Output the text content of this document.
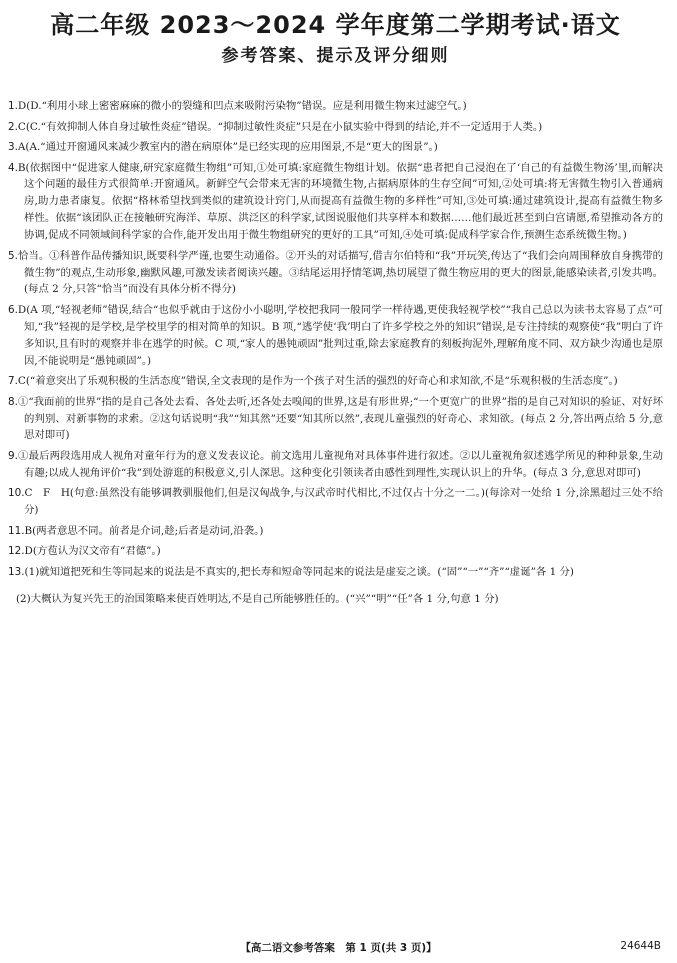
高二年级 2023～2024 学年度第二学期考试·语文
参考答案、提示及评分细则

1.D(D.“利用小球上密密麻麻的微小的裂缝和凹点来吸附污染物”错误。应是利用微生物来过滤空气。)

2.C(C.“有效抑制人体自身过敏性炎症”错误。“抑制过敏性炎症”只是在小鼠实验中得到的结论,并不一定适用于人类。)

3.A(A.“通过开窗通风来减少教室内的潜在病原体”是已经实现的应用图景,不是“更大的图景”。)

4.B(依据图中“促进家人健康,研究家庭微生物组”可知,①处可填:家庭微生物组计划。依据“患者把自己浸泡在了‘自己的有益微生物汤’里,而解决这个问题的最佳方式很简单:开窗通风。新鲜空气会带来无害的环境微生物,占据病原体的生存空间”可知,②处可填:将无害微生物引入普通病房,助力患者康复。依据“格林希望找到类似的建筑设计窍门,从而提高有益微生物的多样性”可知,③处可填:通过建筑设计,提高有益微生物多样性。依据“该团队正在接触研究海洋、草原、洪泛区的科学家,试图说服他们共享样本和数据……他们最近甚至到白宫请愿,希望推动各方的协调,促成不同领域间科学家的合作,能开发出用于微生物组研究的更好的工具”可知,④处可填:促成科学家合作,预测生态系统微生物。)

5.恰当。①科普作品传播知识,既要科学严谨,也要生动通俗。②开头的对话描写,借吉尔伯特和“我”开玩笑,传达了“我们会向周围释放自身携带的微生物”的观点,生动形象,幽默风趣,可激发读者阅读兴趣。③结尾运用抒情笔调,热切展望了微生物应用的更大的图景,能感染读者,引发共鸣。(每点 2 分,只答“恰当”而没有具体分析不得分)

6.D(A 项,“轻视老师”错误,结合“也似乎就由于这份小小聪明,学校把我同一般同学一样待遇,更使我轻视学校”“我自己总以为读书太容易了点”可知,“我”轻视的是学校,是学校里学的相对简单的知识。B 项,“逃学使‘我’明白了许多学校之外的知识”错误,是专注持续的观察使“我”明白了许多知识,且有时的观察并非在逃学的时候。C 项,“家人的愚钝顽固”批判过重,除去家庭教育的刻板拘泥外,理解角度不同、双方缺少沟通也是原因,不能说明是“愚钝顽固”。)

7.C(“着意突出了乐观积极的生活态度”错误,全文表现的是作为一个孩子对生活的强烈的好奇心和求知欲,不是“乐观积极的生活态度”。)

8.①“我面前的世界”指的是自己各处去看、各处去听,还各处去嗅闻的世界,这是有形世界;“一个更宽广的世界”指的是自己对知识的验证、对好坏的判别、对新事物的求索。②这句话说明“我”“知其然”还要“知其所以然”,表现儿童强烈的好奇心、求知欲。(每点 2 分,答出两点给 5 分,意思对即可)

9.①最后两段选用成人视角对童年行为的意义发表议论。前文选用儿童视角对具体事件进行叙述。②以儿童视角叙述逃学所见的种种景象,生动有趣;以成人视角评价“我”到处游逛的积极意义,引人深思。这种变化引领读者由感性到理性,实现认识上的升华。(每点 3 分,意思对即可)

10.C　F　H(句意:虽然没有能够调教驯服他们,但是汉匈战争,与汉武帝时代相比,不过仅占十分之一二。)(每涂对一处给 1 分,涂黑超过三处不给分)

11.B(两者意思不同。前者是介词,趁;后者是动词,沿袭。)

12.D(方苞认为汉文帝有“君德”。)

13.(1)就知道把死和生等同起来的说法是不真实的,把长寿和短命等同起来的说法是虚妄之谈。(“固”“一”“齐”“虚诞”各 1 分)

(2)大概认为复兴先王的治国策略来使百姓明达,不是自己所能够胜任的。(“兴”“明”“任”各 1 分,句意 1 分)

【高二语文参考答案　第 1 页(共 3 页)】	24644B
